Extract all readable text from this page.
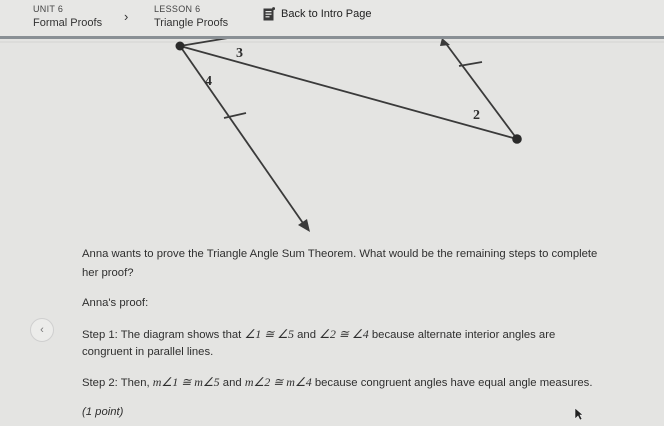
UNIT 6
Formal Proofs ›	LESSON 6
Triangle Proofs
Back to Intro Page
3
4
2
Anna wants to prove the Triangle Angle Sum Theorem. What would be the remaining steps to complete
her proof?
Anna's proof:
Step 1: The diagram shows that ∠1 ≅ ∠5 and ∠2 ≅ ∠4 because alternate interior angles are
congruent in parallel lines.
Step 2: Then, m∠1 ≅ m∠5 and m∠2 ≅ m∠4 because congruent angles have equal angle measures.
(1 point)
‹
